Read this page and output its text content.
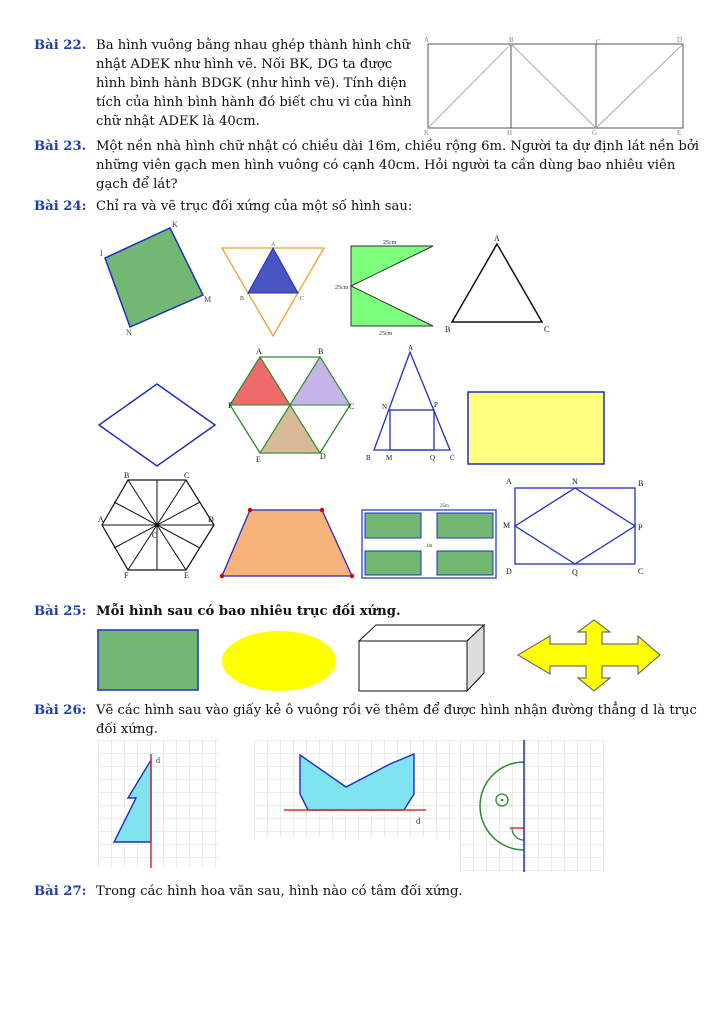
Bài 22. Ba hình vuông bằng nhau ghép thành hình chữ
nhật ADEK như hình vẽ. Nối BK, DG ta được
hình bình hành BDGK (như hình vẽ). Tính diện
tích của hình bình hành đó biết chu vi của hình
chữ nhật ADEK là 40cm.
A	B	C	D
K	H	G	E
Bài 23. Một nền nhà hình chữ nhật có chiều dài 16m, chiều rộng 6m. Người ta dự định lát nền bởi
những viên gạch men hình vuông có cạnh 40cm. Hỏi người ta cần dùng bao nhiêu viên
gạch để lát?
Bài 24: Chỉ ra và vẽ trục đối xứng của một số hình sau:
K
I
M
N
A
B	C
25cm
25cm
25cm
A
B	C
A	B
F	C
E	D
A
N	P
B M	Q C
B	C
A	D
O
F	E
25m
1m
A	N	B
M	P
D	Q	C
Bài 25: Mỗi hình sau có bao nhiêu trục đối xứng.
Bài 26: Vẽ các hình sau vào giấy kẻ ô vuông rồi vẽ thêm để được hình nhận đường thẳng d là trục
đối xứng.
d
d
Bài 27: Trong các hình hoa văn sau, hình nào có tâm đối xứng.
